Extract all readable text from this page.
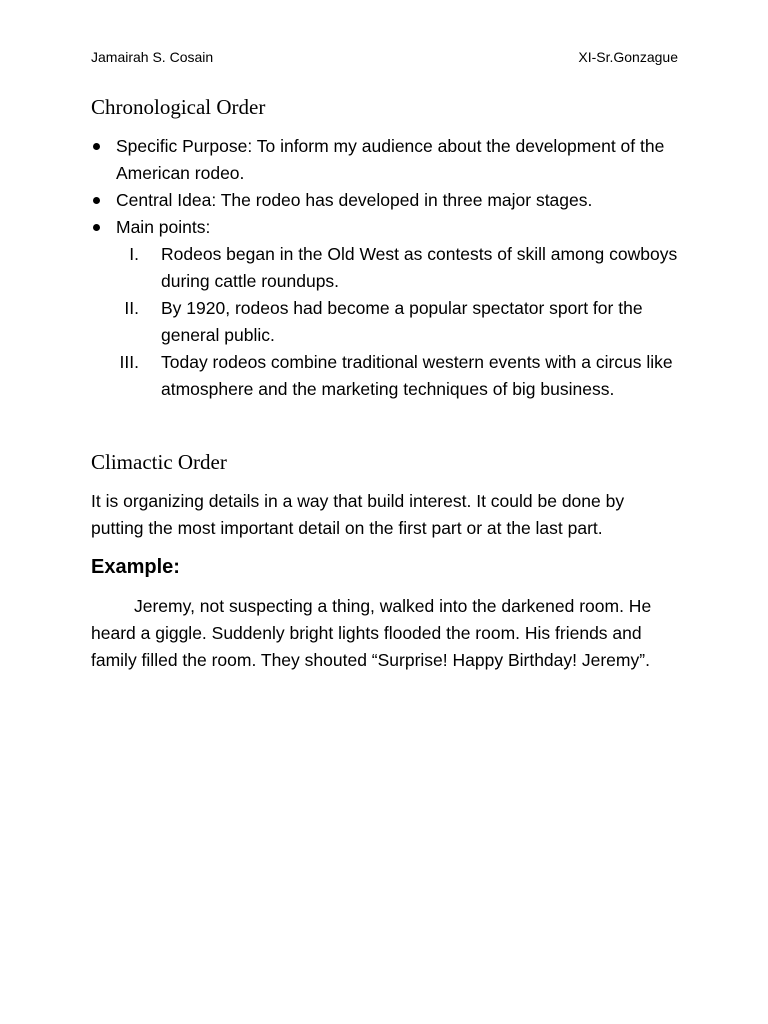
Jamairah S. Cosain	XI-Sr.Gonzague
Chronological Order
Specific Purpose: To inform my audience about the development of the American rodeo.
Central Idea: The rodeo has developed in three major stages.
Main points:
I. Rodeos began in the Old West as contests of skill among cowboys during cattle roundups.
II. By 1920, rodeos had become a popular spectator sport for the general public.
III. Today rodeos combine traditional western events with a circus like atmosphere and the marketing techniques of big business.
Climactic Order

It is organizing details in a way that build interest. It could be done by putting the most important detail on the first part or at the last part.

Example:

Jeremy, not suspecting a thing, walked into the darkened room. He heard a giggle. Suddenly bright lights flooded the room. His friends and family filled the room. They shouted “Surprise! Happy Birthday! Jeremy”.
